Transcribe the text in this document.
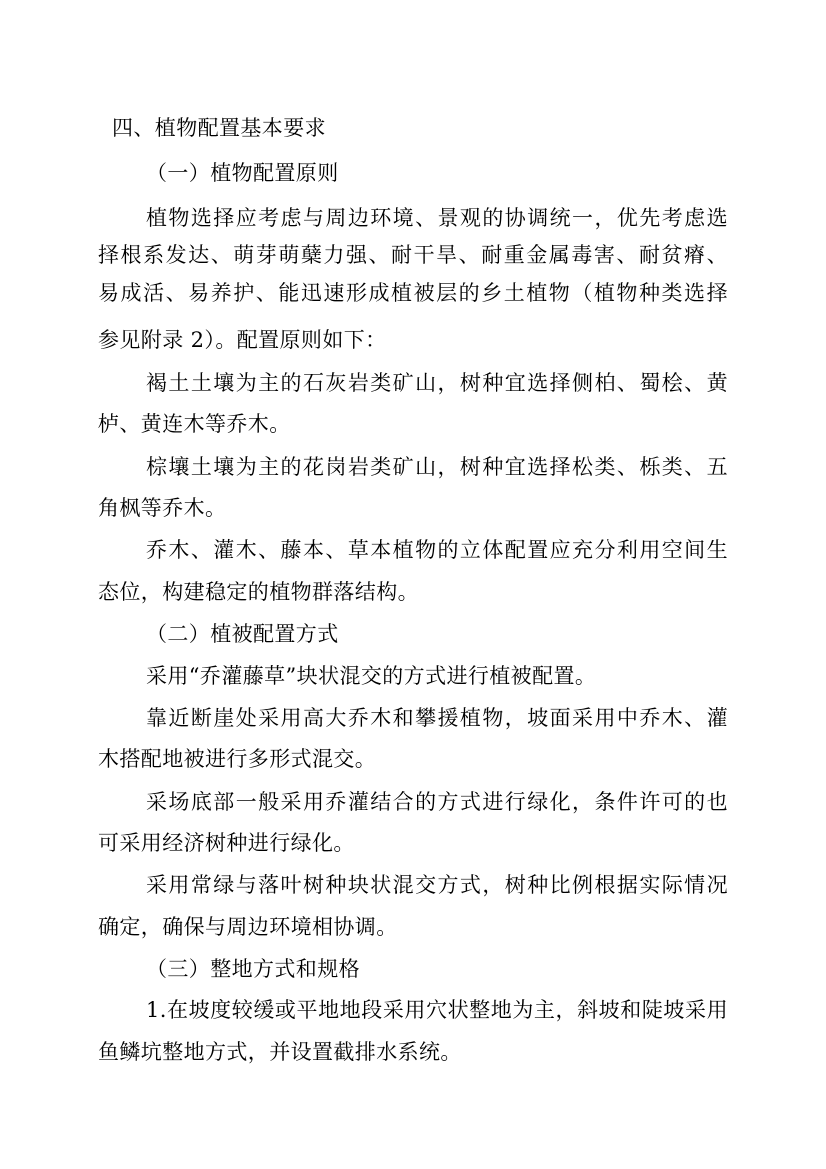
四、植物配置基本要求
（一）植物配置原则
植物选择应考虑与周边环境、景观的协调统一，优先考虑选
择根系发达、萌芽萌蘖力强、耐干旱、耐重金属毒害、耐贫瘠、
易成活、易养护、能迅速形成植被层的乡土植物（植物种类选择
参见附录 2）。配置原则如下：
褐土土壤为主的石灰岩类矿山，树种宜选择侧柏、蜀桧、黄
栌、黄连木等乔木。
棕壤土壤为主的花岗岩类矿山，树种宜选择松类、栎类、五
角枫等乔木。
乔木、灌木、藤本、草本植物的立体配置应充分利用空间生
态位，构建稳定的植物群落结构。
（二）植被配置方式
采用“乔灌藤草”块状混交的方式进行植被配置。
靠近断崖处采用高大乔木和攀援植物，坡面采用中乔木、灌
木搭配地被进行多形式混交。
采场底部一般采用乔灌结合的方式进行绿化，条件许可的也
可采用经济树种进行绿化。
采用常绿与落叶树种块状混交方式，树种比例根据实际情况
确定，确保与周边环境相协调。
（三）整地方式和规格
1.在坡度较缓或平地地段采用穴状整地为主，斜坡和陡坡采用
鱼鳞坑整地方式，并设置截排水系统。
